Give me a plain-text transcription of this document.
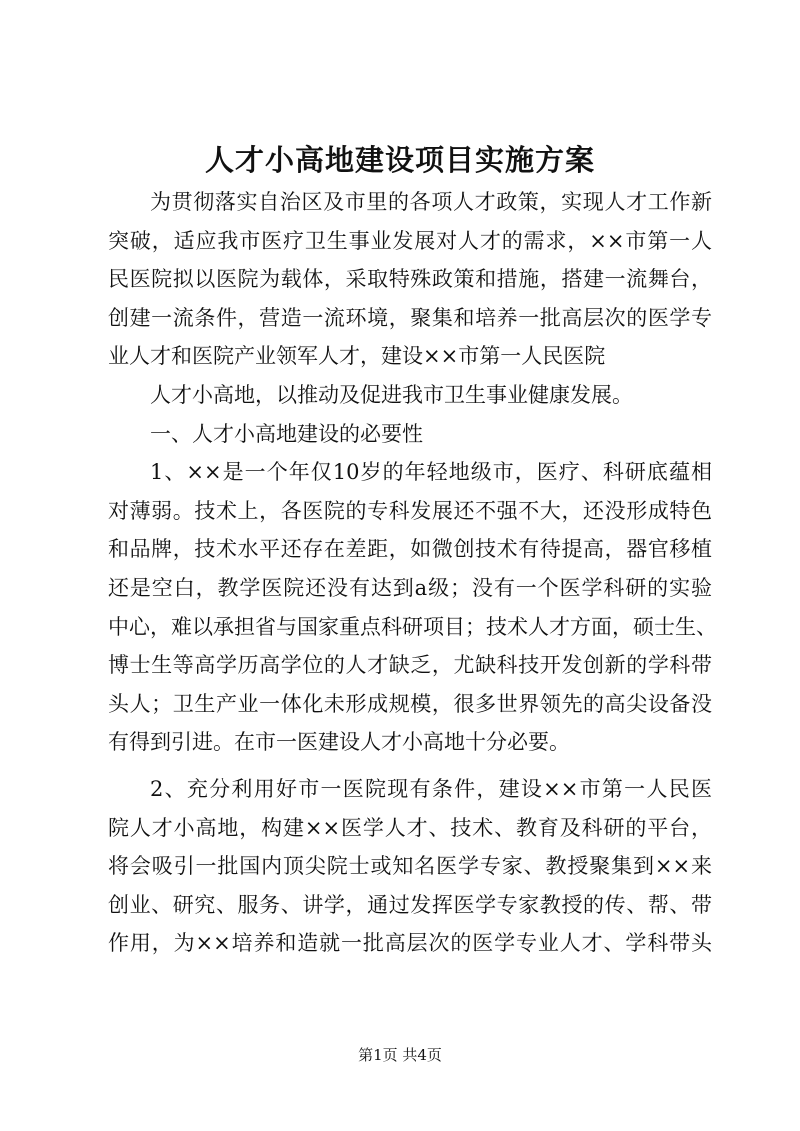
人才小高地建设项目实施方案
为贯彻落实自治区及市里的各项人才政策，实现人才工作新
突破，适应我市医疗卫生事业发展对人才的需求，××市第一人
民医院拟以医院为载体，采取特殊政策和措施，搭建一流舞台，
创建一流条件，营造一流环境，聚集和培养一批高层次的医学专
业人才和医院产业领军人才，建设××市第一人民医院
人才小高地，以推动及促进我市卫生事业健康发展。
一、人才小高地建设的必要性
1、××是一个年仅10岁的年轻地级市，医疗、科研底蕴相
对薄弱。技术上，各医院的专科发展还不强不大，还没形成特色
和品牌，技术水平还存在差距，如微创技术有待提高，器官移植
还是空白，教学医院还没有达到a级；没有一个医学科研的实验
中心，难以承担省与国家重点科研项目；技术人才方面，硕士生、
博士生等高学历高学位的人才缺乏，尤缺科技开发创新的学科带
头人；卫生产业一体化未形成规模，很多世界领先的高尖设备没
有得到引进。在市一医建设人才小高地十分必要。
2、充分利用好市一医院现有条件，建设××市第一人民医
院人才小高地，构建××医学人才、技术、教育及科研的平台，
将会吸引一批国内顶尖院士或知名医学专家、教授聚集到××来
创业、研究、服务、讲学，通过发挥医学专家教授的传、帮、带
作用，为××培养和造就一批高层次的医学专业人才、学科带头
第1页 共4页
